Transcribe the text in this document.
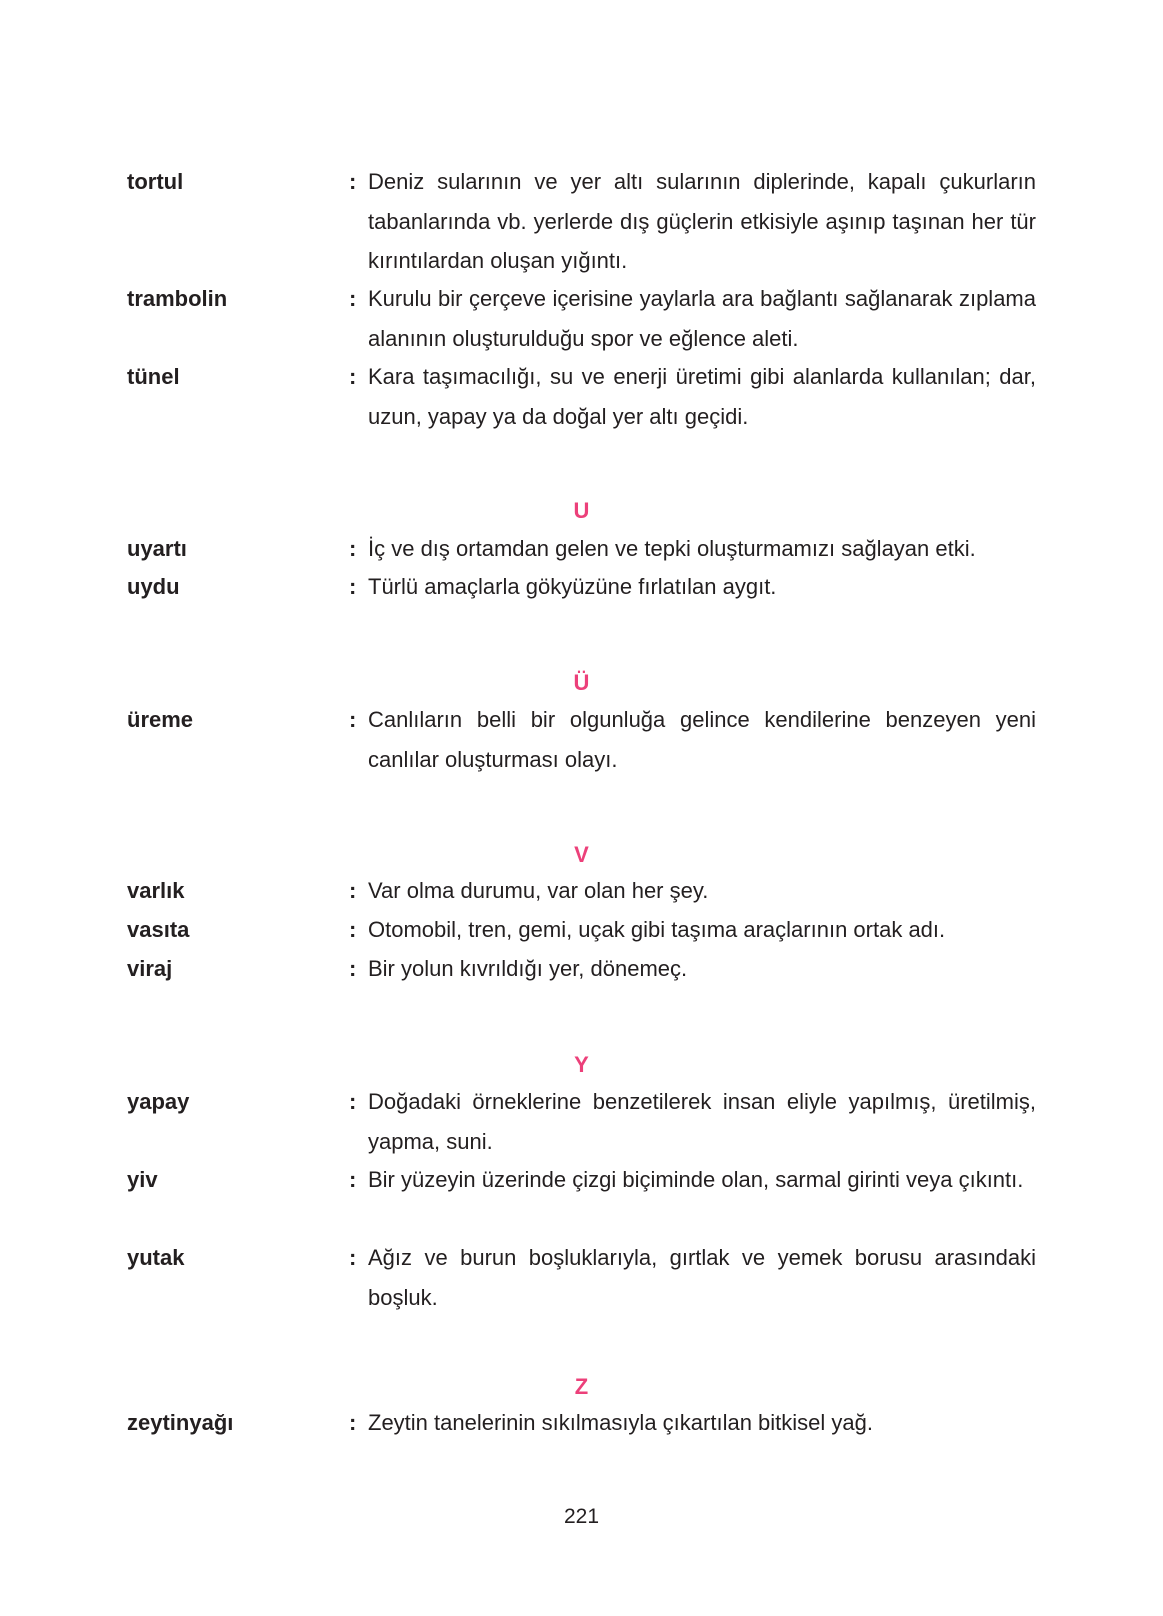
tortul	: Deniz sularının ve yer altı sularının diplerinde, kapalı çukurların tabanlarında vb. yerlerde dış güçlerin etkisiyle aşınıp taşınan her tür kırıntılardan oluşan yığıntı.
trambolin	: Kurulu bir çerçeve içerisine yaylarla ara bağlantı sağlanarak zıplama alanının oluşturulduğu spor ve eğlence aleti.
tünel	: Kara taşımacılığı, su ve enerji üretimi gibi alanlarda kullanılan; dar, uzun, yapay ya da doğal yer altı geçidi.
U
uyartı	: İç ve dış ortamdan gelen ve tepki oluşturmamızı sağlayan etki.
uydu	: Türlü amaçlarla gökyüzüne fırlatılan aygıt.
Ü
üreme	: Canlıların belli bir olgunluğa gelince kendilerine benzeyen yeni canlılar oluşturması olayı.
V
varlık	: Var olma durumu, var olan her şey.
vasıta	: Otomobil, tren, gemi, uçak gibi taşıma araçlarının ortak adı.
viraj	: Bir yolun kıvrıldığı yer, dönemeç.
Y
yapay	: Doğadaki örneklerine benzetilerek insan eliyle yapılmış, üretilmiş, yapma, suni.
yiv	: Bir yüzeyin üzerinde çizgi biçiminde olan, sarmal girinti veya çıkıntı.
yutak	: Ağız ve burun boşluklarıyla, gırtlak ve yemek borusu arasındaki boşluk.
Z
zeytinyağı	: Zeytin tanelerinin sıkılmasıyla çıkartılan bitkisel yağ.
221
